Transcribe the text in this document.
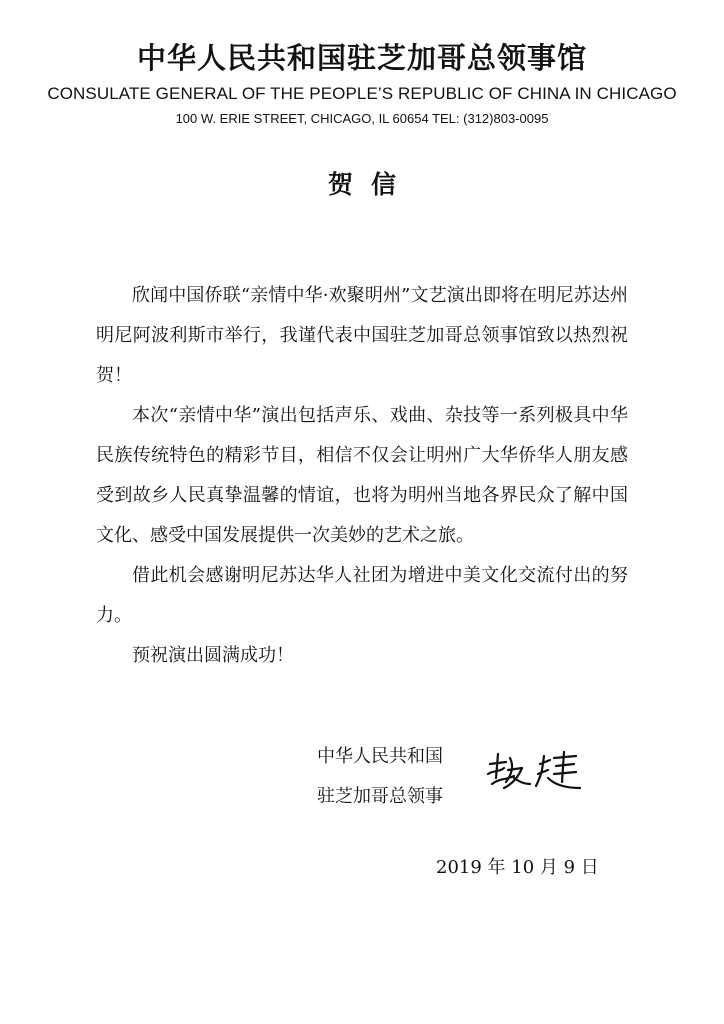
中华人民共和国驻芝加哥总领事馆
CONSULATE GENERAL OF THE PEOPLE’S REPUBLIC OF CHINA IN CHICAGO
100 W. ERIE STREET, CHICAGO, IL 60654 TEL: (312)803-0095
贺信

欣闻中国侨联“亲情中华·欢聚明州”文艺演出即将在明尼苏达州明尼阿波利斯市举行，我谨代表中国驻芝加哥总领事馆致以热烈祝贺！

本次“亲情中华”演出包括声乐、戏曲、杂技等一系列极具中华民族传统特色的精彩节目，相信不仅会让明州广大华侨华人朋友感受到故乡人民真挚温馨的情谊，也将为明州当地各界民众了解中国文化、感受中国发展提供一次美妙的艺术之旅。

借此机会感谢明尼苏达华人社团为增进中美文化交流付出的努力。

预祝演出圆满成功！

中华人民共和国
驻芝加哥总领事
2019 年 10 月 9 日
